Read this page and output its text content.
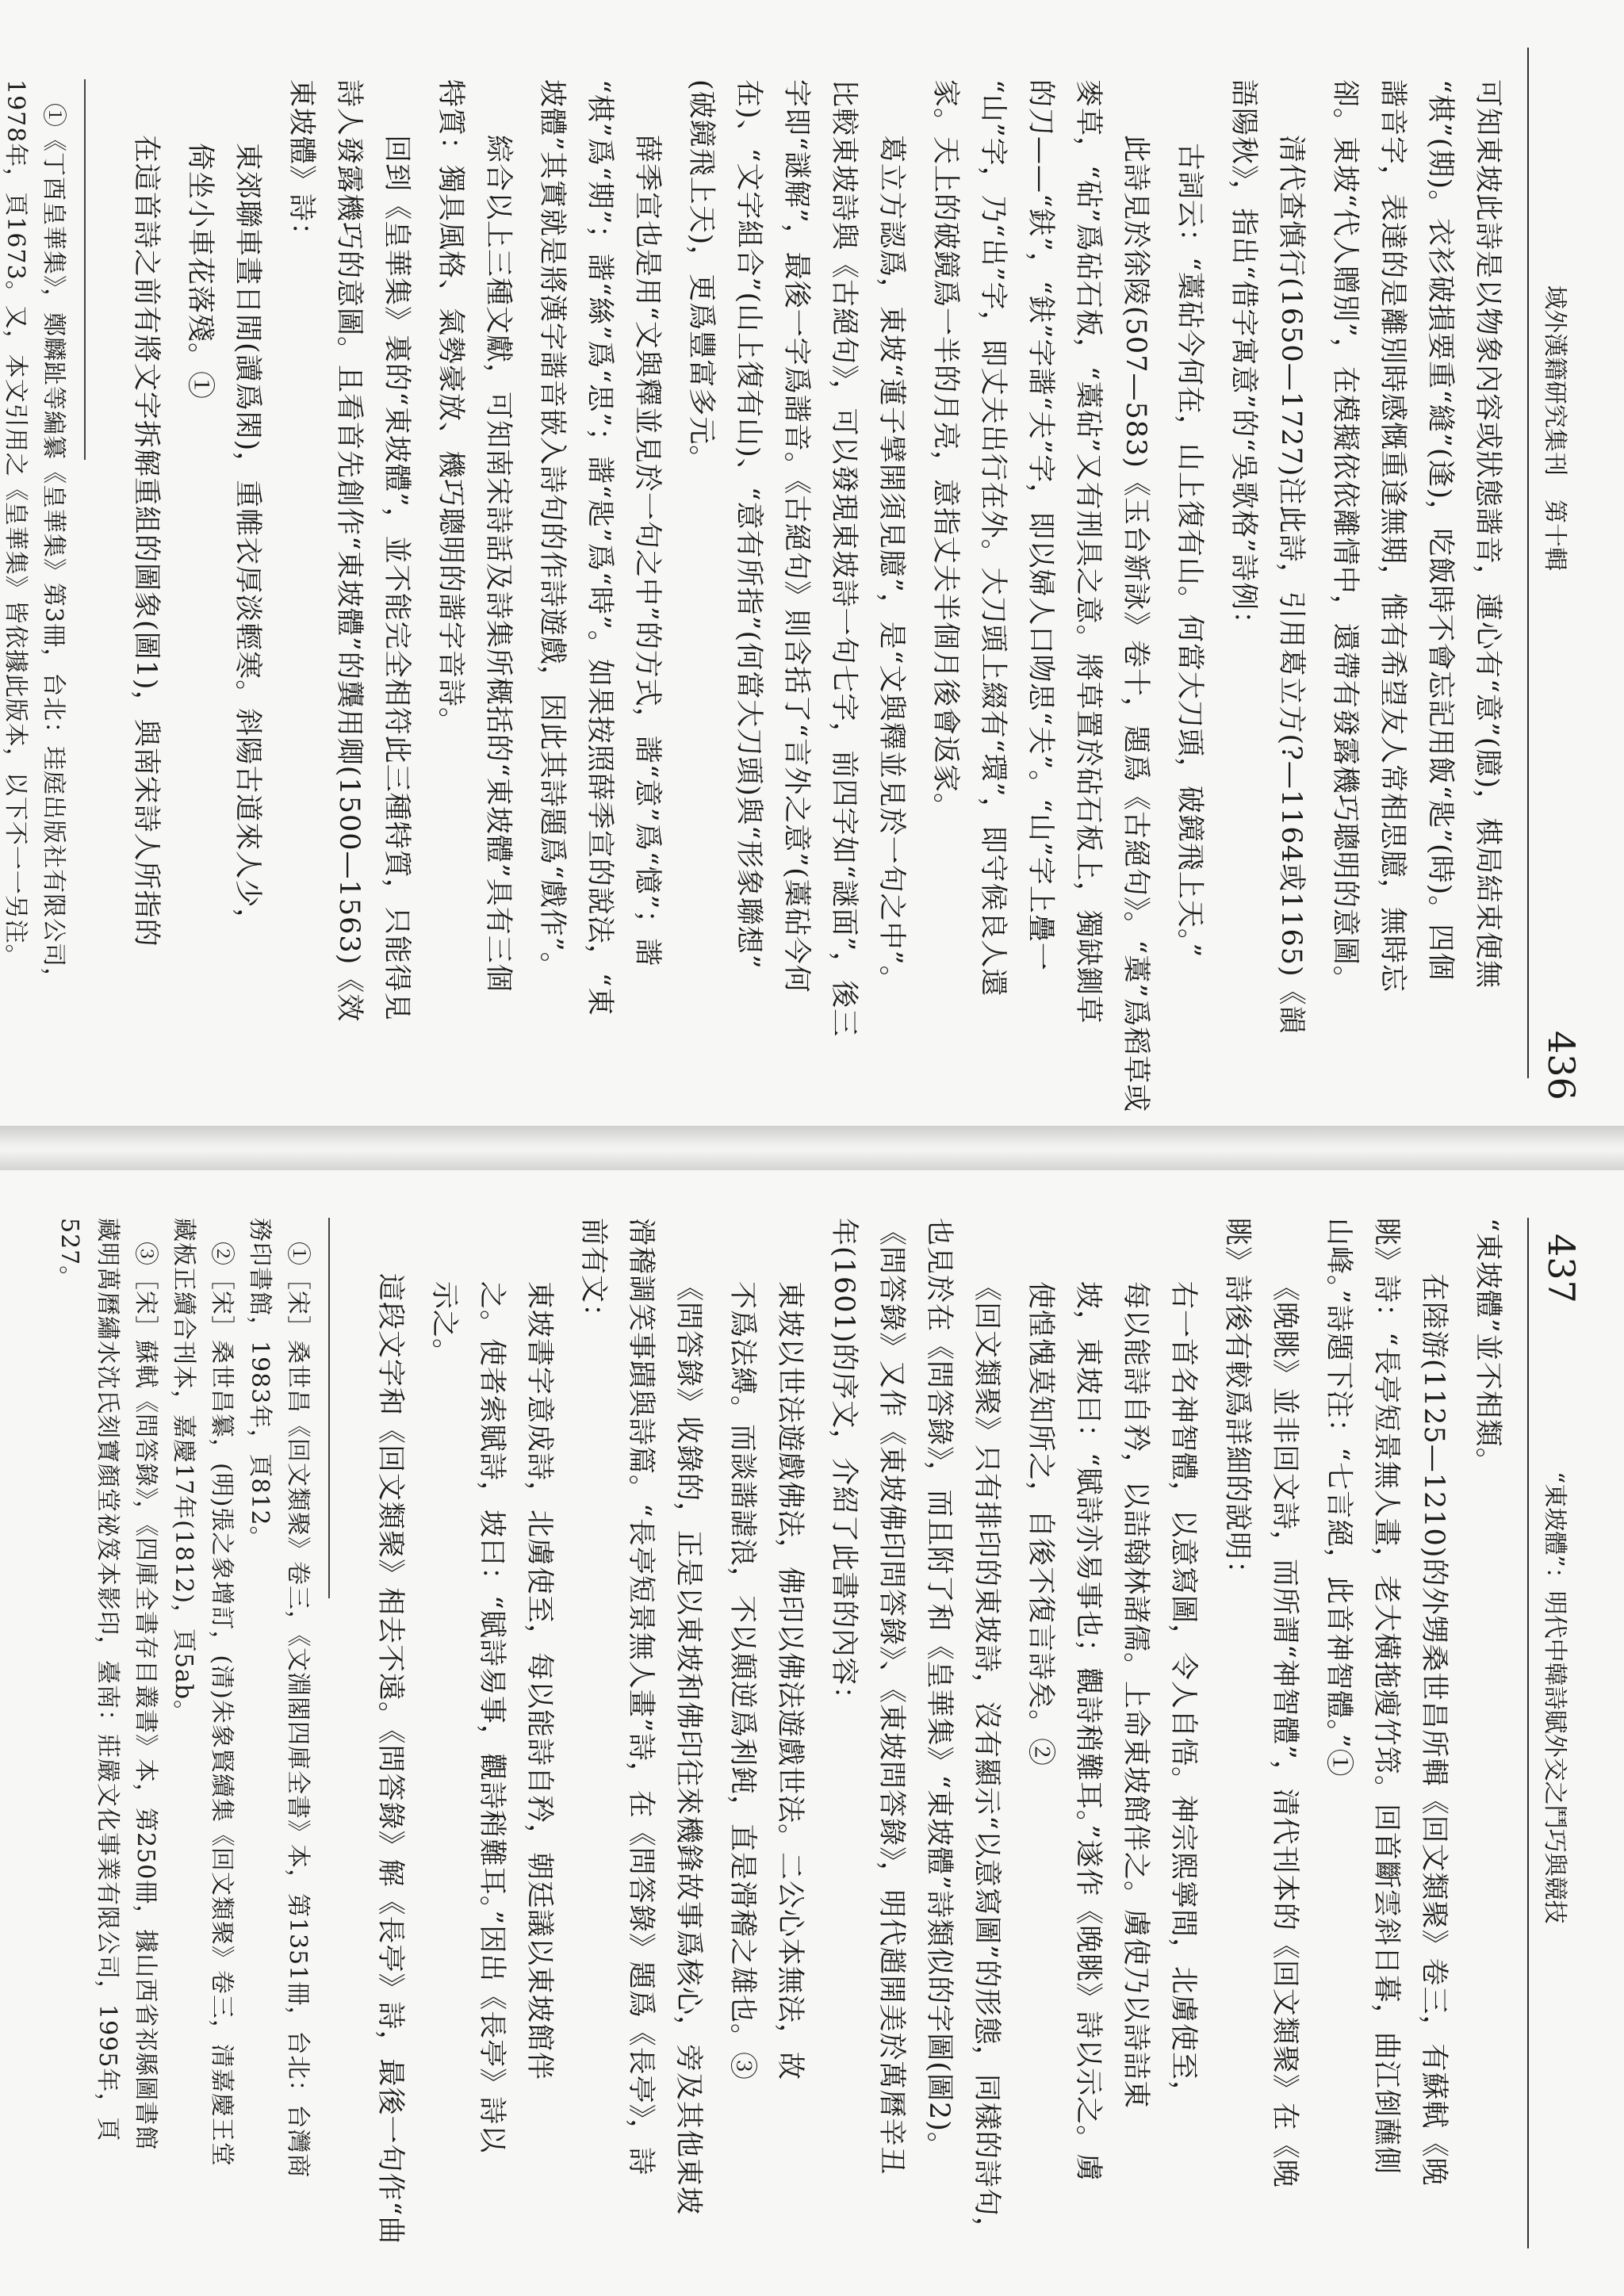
436
域外漢籍研究集刊　第十輯
可知東坡此詩是以物象內容或狀態諧音，蓮心有“意”(臆)，棋局結束便無
“棋”(期)。衣衫破損要重“縫”(逢)，吃飯時不會忘記用飯“匙”(時)。四個
諧音字，表達的是離別時感慨重逢無期，惟有希望友人常相思臆，無時忘
卻。東坡“代人贈別”，在模擬依依離情中，還帶有發露機巧聰明的意圖。
清代查慎行(1650—1727)注此詩，引用葛立方(?—1164或1165)《韻
語陽秋》，指出“借字寓意”的“吳歌格”詩例：
古詞云：“藁砧今何在，山上復有山。何當大刀頭，破鏡飛上天。”
此詩見於徐陵(507—583)《玉台新詠》卷十，題爲《古絕句》。“藁”爲稻草或
麥草，“砧”爲砧石板，“藁砧”又有刑具之意。將草置於砧石板上，獨缺鍘草
的刀——“鈇”，“鈇”字諧“夫”字，即以婦人口吻思“夫”。“山”字上疊一
“山”字，乃“出”字，即丈夫出行在外。大刀頭上綴有“環”，即守候良人還
家。天上的破鏡爲一半的月亮，意指丈夫半個月後會返家。
葛立方認爲，東坡“蓮子擘開須見臆”，是“文與釋並見於一句之中”。
比較東坡詩與《古絕句》，可以發現東坡詩一句七字，前四字如“謎面”，後三
字即“謎解”，最後一字爲諧音。《古絕句》則含括了“言外之意”(藁砧今何
在)、“文字組合”(山上復有山)、“意有所指”(何當大刀頭)與“形象聯想”
(破鏡飛上天)，更爲豐富多元。
薛季宣也是用“文與釋並見於一句之中”的方式，諧“意”爲“憶”；諧
“棋”爲“期”；諧“絲”爲“思”；諧“匙”爲“時”。如果按照薛季宣的說法，“東
坡體”其實就是將漢字諧音嵌入詩句的作詩遊戲，因此其詩題爲“戲作”。
綜合以上三種文獻，可知南宋詩話及詩集所概括的“東坡體”具有三個
特質：獨具風格、氣勢豪放、機巧聰明的諧字音詩。
回到《皇華集》裏的“東坡體”，並不能完全相符此三種特質，只能得見
詩人發露機巧的意圖。且看首先創作“東坡體”的龔用卿(1500—1563)《效
東坡體》詩：
東郊聯車晝日閒(讀爲閑)，重帷衣厚淡輕寒。斜陽古道來人少，
倚坐小車花落殘。①
在這首詩之前有將文字拆解重組的圖象(圖1)，與南宋詩人所指的
①《丁酉皇華集》，鄭麟趾等編纂《皇華集》第3冊，台北：珪庭出版社有限公司，
1978年，頁1673。又，本文引用之《皇華集》皆依據此版本，以下不一一另注。
437
“東坡體”：明代中韓詩賦外交之鬥巧與競技
“東坡體”並不相類。
在陸游(1125—1210)的外甥桑世昌所輯《回文類聚》卷三，有蘇軾《晚
眺》詩：“長亭短景無人畫，老大橫拖瘦竹筇。回首斷雲斜日暮，曲江倒蘸側
山峰。”詩題下注：“七言絕，此首神智體。”①
《晚眺》並非回文詩，而所謂“神智體”，清代刊本的《回文類聚》在《晚
眺》詩後有較爲詳細的說明：
右一首名神智體，以意寫圖，令人自悟。神宗熙寧間，北虜使至，
每以能詩自矜，以詰翰林諸儒。上命東坡館伴之。虜使乃以詩詰東
坡，東坡曰：“賦詩亦易事也；觀詩稍難耳。”遂作《晚眺》詩以示之。虜
使惶愧莫知所之，自後不復言詩矣。②
《回文類聚》只有排印的東坡詩，沒有顯示“以意寫圖”的形態，同樣的詩句，
也見於在《問答錄》，而且附了和《皇華集》“東坡體”詩類似的字圖(圖2)。
《問答錄》又作《東坡佛印問答錄》、《東坡問答錄》，明代趙開美於萬曆辛丑
年(1601)的序文，介紹了此書的內容：
東坡以世法遊戲佛法，佛印以佛法遊戲世法。二公心本無法，故
不爲法縛。而談諧謔浪，不以顛逆爲利鈍，直是滑稽之雄也。③
《問答錄》收錄的，正是以東坡和佛印往來機鋒故事爲核心，旁及其他東坡
滑稽調笑事蹟與詩篇。“長亭短景無人畫”詩，在《問答錄》題爲《長亭》，詩
前有文：
東坡書字意成詩，北虜使至，每以能詩自矜，朝廷議以東坡館伴
之。使者索賦詩，坡曰：“賦詩易事，觀詩稍難耳。”因出《長亭》詩以
示之。
這段文字和《回文類聚》相去不遠。《問答錄》解《長亭》詩，最後一句作“曲
①［宋］桑世昌《回文類聚》卷三，《文淵閣四庫全書》本，第1351冊，台北：台灣商
務印書館，1983年，頁812。
②［宋］桑世昌纂，(明)張之象增訂，(清)朱象賢續集《回文類聚》卷三，清嘉慶王堂
藏板正續合刊本，嘉慶17年(1812)，頁5ab。
③［宋］蘇軾《問答錄》，《四庫全書存目叢書》本，第250冊，據山西省祁縣圖書館
藏明萬曆繡水沈氏刻寶顏堂祕笈本影印，臺南：莊嚴文化事業有限公司，1995年，頁
527。
